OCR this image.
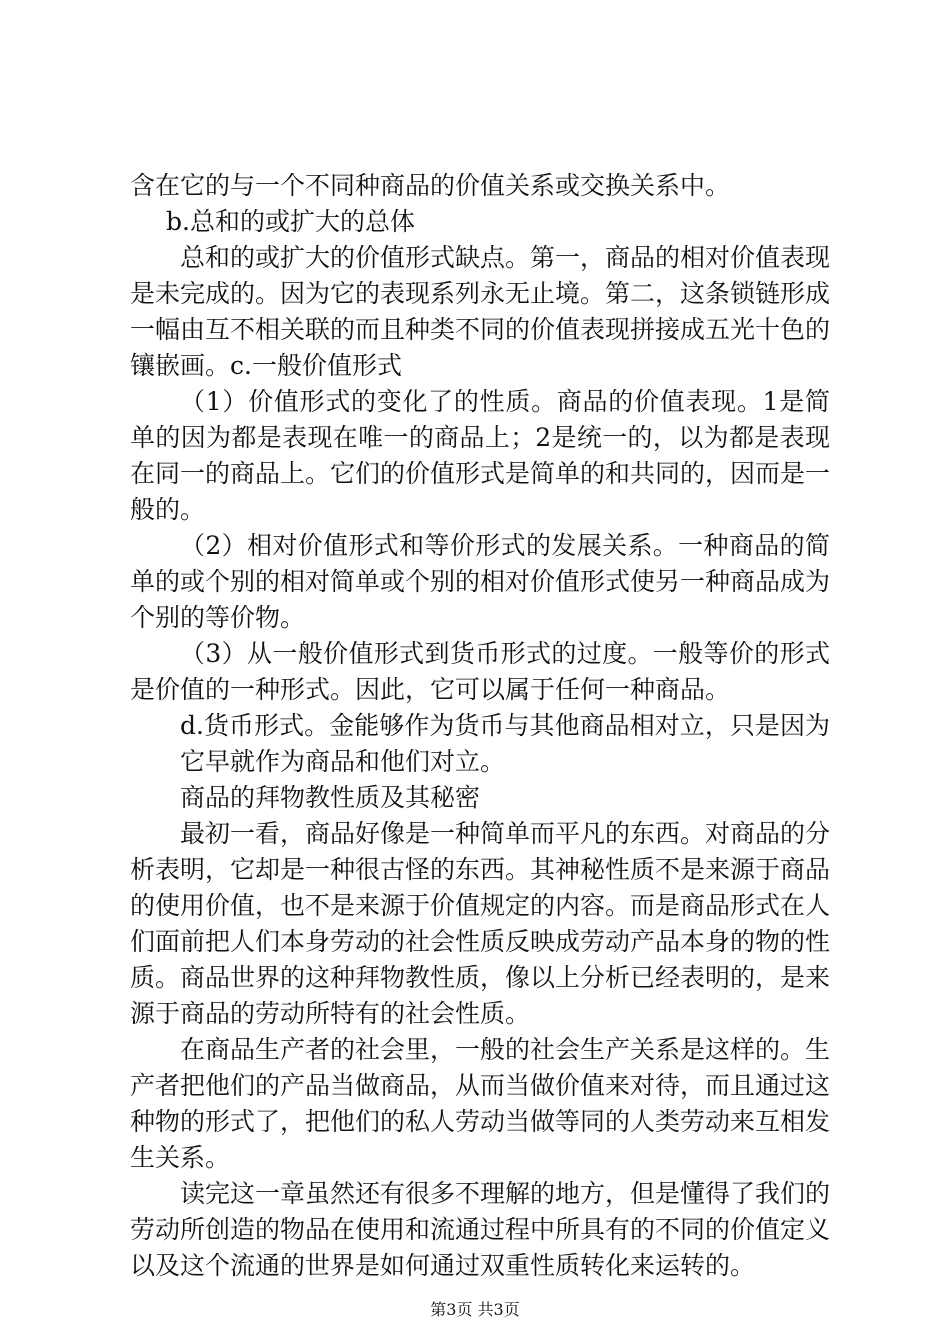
含在它的与一个不同种商品的价值关系或交换关系中。

b.总和的或扩大的总体

总和的或扩大的价值形式缺点。第一，商品的相对价值表现是未完成的。因为它的表现系列永无止境。第二，这条锁链形成一幅由互不相关联的而且种类不同的价值表现拼接成五光十色的镶嵌画。c.一般价值形式

（1）价值形式的变化了的性质。商品的价值表现。1是简单的因为都是表现在唯一的商品上；2是统一的，以为都是表现在同一的商品上。它们的价值形式是简单的和共同的，因而是一般的。

（2）相对价值形式和等价形式的发展关系。一种商品的简单的或个别的相对简单或个别的相对价值形式使另一种商品成为个别的等价物。

（3）从一般价值形式到货币形式的过度。一般等价的形式是价值的一种形式。因此，它可以属于任何一种商品。

d.货币形式。金能够作为货币与其他商品相对立，只是因为它早就作为商品和他们对立。

商品的拜物教性质及其秘密

最初一看，商品好像是一种简单而平凡的东西。对商品的分析表明，它却是一种很古怪的东西。其神秘性质不是来源于商品的使用价值，也不是来源于价值规定的内容。而是商品形式在人们面前把人们本身劳动的社会性质反映成劳动产品本身的物的性质。商品世界的这种拜物教性质，像以上分析已经表明的，是来源于商品的劳动所特有的社会性质。

在商品生产者的社会里，一般的社会生产关系是这样的。生产者把他们的产品当做商品，从而当做价值来对待，而且通过这种物的形式了，把他们的私人劳动当做等同的人类劳动来互相发生关系。

读完这一章虽然还有很多不理解的地方，但是懂得了我们的劳动所创造的物品在使用和流通过程中所具有的不同的价值定义以及这个流通的世界是如何通过双重性质转化来运转的。

第3页 共3页
